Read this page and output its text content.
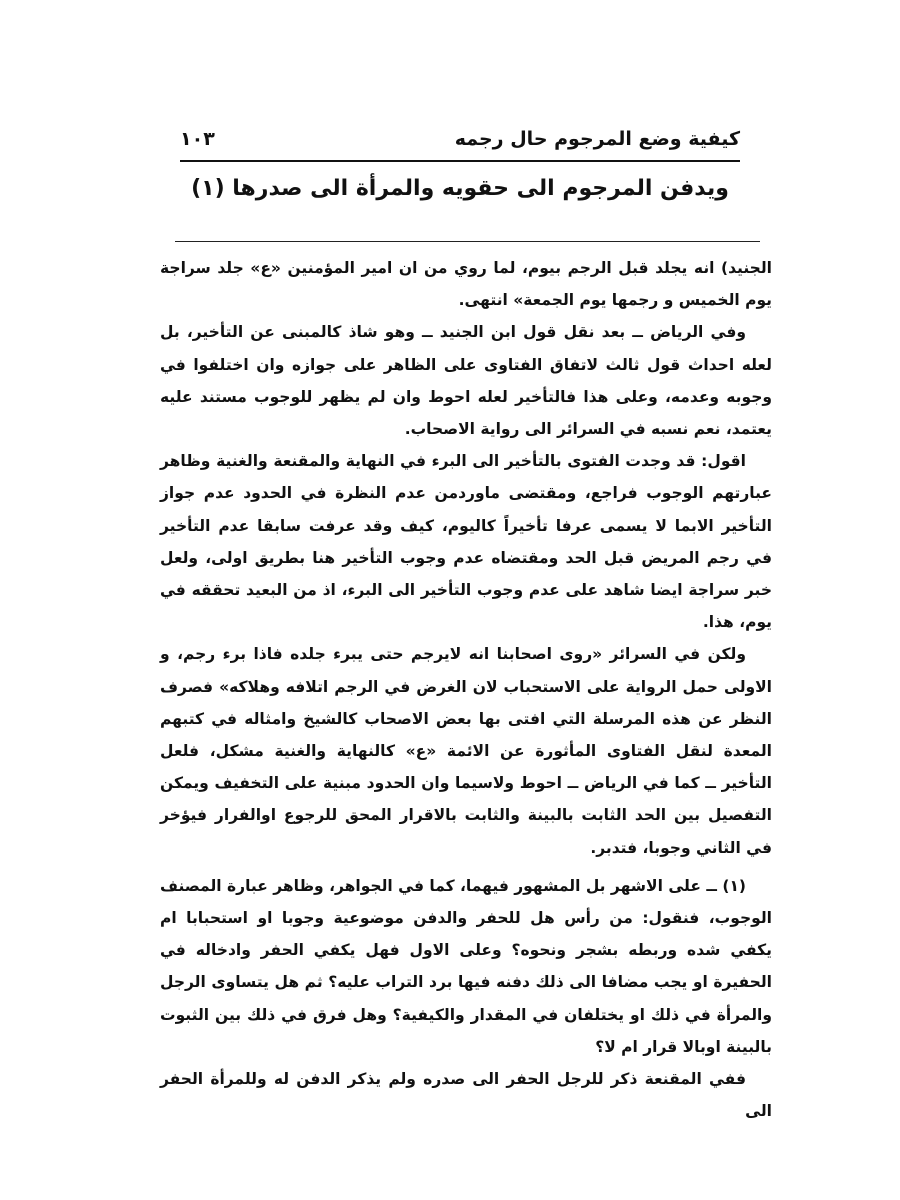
كيفية وضع المرجوم حال رجمه
١٠٣
ويدفن المرجوم الى حقويه والمرأة الى صدرها (١)

الجنيد) انه يجلد قبل الرجم بيوم، لما روي من ان امير المؤمنين «ع» جلد سراجة يوم الخميس و رجمها يوم الجمعة» انتهى.

وفي الرياض ــ بعد نقل قول ابن الجنيد ــ وهو شاذ كالمبنى عن التأخير، بل لعله احداث قول ثالث لاتفاق الفتاوى على الظاهر على جوازه وان اختلفوا في وجوبه وعدمه، وعلى هذا فالتأخير لعله احوط وان لم يظهر للوجوب مستند عليه يعتمد، نعم نسبه في السرائر الى رواية الاصحاب.

اقول: قد وجدت الفتوى بالتأخير الى البرء في النهاية والمقنعة والغنية وظاهر عبارتهم الوجوب فراجع، ومقتضى ماوردمن عدم النظرة في الحدود عدم جواز التأخير الابما لا يسمى عرفا تأخيراً كاليوم، كيف وقد عرفت سابقا عدم التأخير في رجم المريض قبل الحد ومقتضاه عدم وجوب التأخير هنا بطريق اولى، ولعل خبر سراجة ايضا شاهد على عدم وجوب التأخير الى البرء، اذ من البعيد تحققه في يوم، هذا.

ولكن في السرائر «روى اصحابنا انه لايرجم حتى يبرء جلده فاذا برء رجم، و الاولى حمل الرواية على الاستحباب لان الغرض في الرجم اتلافه وهلاكه» فصرف النظر عن هذه المرسلة التي افتى بها بعض الاصحاب كالشيخ وامثاله في كتبهم المعدة لنقل الفتاوى المأثورة عن الائمة «ع» كالنهاية والغنية مشكل، فلعل التأخير ــ كما في الرياض ــ احوط ولاسيما وان الحدود مبنية على التخفيف ويمكن التفصيل بين الحد الثابت بالبينة والثابت بالاقرار المحق للرجوع اوالفرار فيؤخر في الثاني وجوبا، فتدبر.

(١) ــ على الاشهر بل المشهور فيهما، كما في الجواهر، وظاهر عبارة المصنف الوجوب، فنقول: من رأس هل للحفر والدفن موضوعية وجوبا او استحبابا ام يكفي شده وربطه بشجر ونحوه؟ وعلى الاول فهل يكفي الحفر وادخاله في الحفيرة او يجب مضافا الى ذلك دفنه فيها برد التراب عليه؟ ثم هل يتساوى الرجل والمرأة في ذلك او يختلفان في المقدار والكيفية؟ وهل فرق في ذلك بين الثبوت بالبينة اوبالا قرار ام لا؟

ففي المقنعة ذكر للرجل الحفر الى صدره ولم يذكر الدفن له وللمرأة الحفر الى
